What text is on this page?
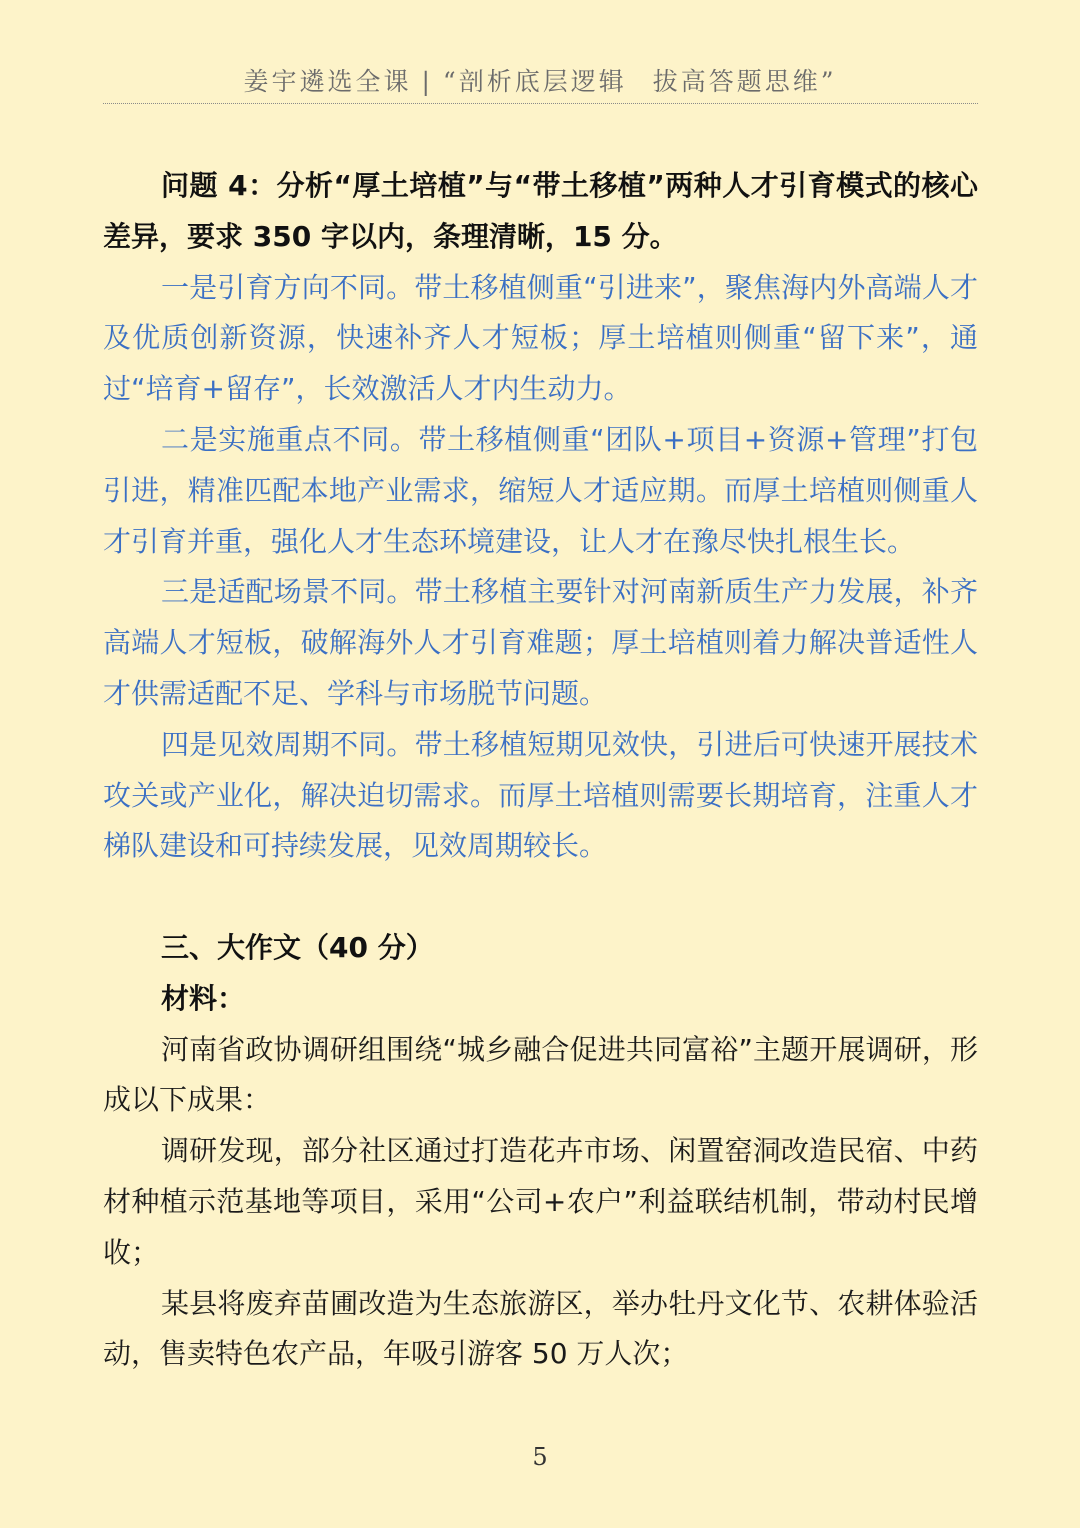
姜宇遴选全课 | “剖析底层逻辑 拔高答题思维”

问题 4：分析“厚土培植”与“带土移植”两种人才引育模式的核心差异，要求 350 字以内，条理清晰，15 分。

一是引育方向不同。带土移植侧重“引进来”，聚焦海内外高端人才及优质创新资源，快速补齐人才短板；厚土培植则侧重“留下来”，通过“培育+留存”，长效激活人才内生动力。

二是实施重点不同。带土移植侧重“团队+项目+资源+管理”打包引进，精准匹配本地产业需求，缩短人才适应期。而厚土培植则侧重人才引育并重，强化人才生态环境建设，让人才在豫尽快扎根生长。

三是适配场景不同。带土移植主要针对河南新质生产力发展，补齐高端人才短板，破解海外人才引育难题；厚土培植则着力解决普适性人才供需适配不足、学科与市场脱节问题。

四是见效周期不同。带土移植短期见效快，引进后可快速开展技术攻关或产业化，解决迫切需求。而厚土培植则需要长期培育，注重人才梯队建设和可持续发展，见效周期较长。

三、大作文（40 分）

材料：

河南省政协调研组围绕“城乡融合促进共同富裕”主题开展调研，形成以下成果：

调研发现，部分社区通过打造花卉市场、闲置窑洞改造民宿、中药材种植示范基地等项目，采用“公司+农户”利益联结机制，带动村民增收；

某县将废弃苗圃改造为生态旅游区，举办牡丹文化节、农耕体验活动，售卖特色农产品，年吸引游客 50 万人次；

5
